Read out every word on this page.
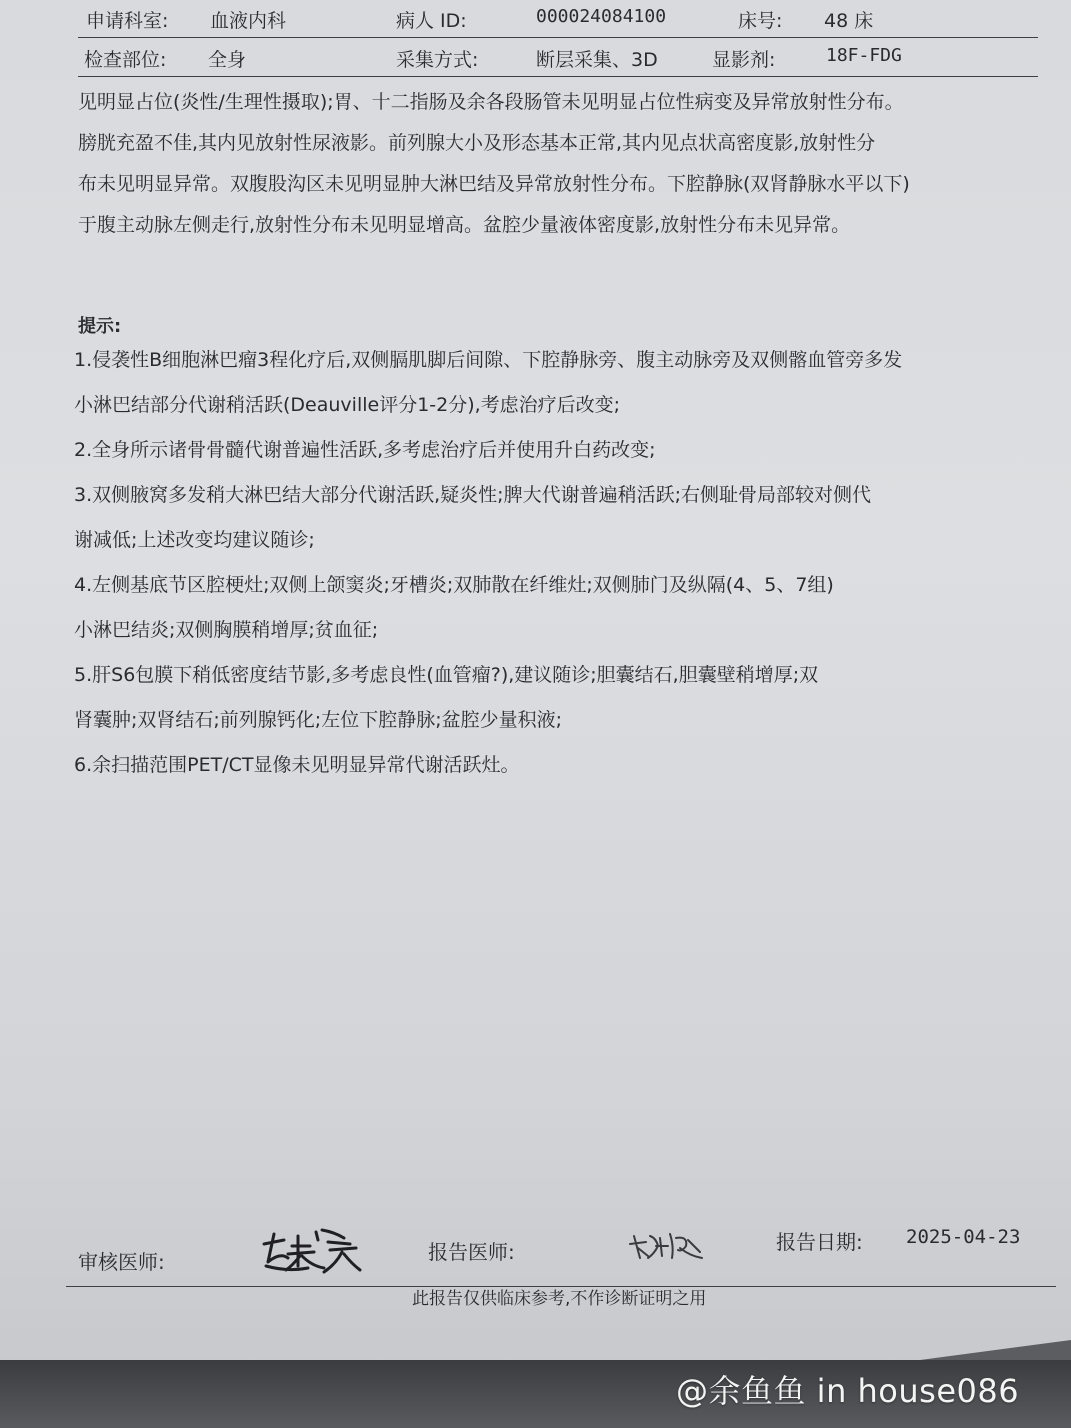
申请科室: 血液内科	病人 ID:	000024084100	床号: 48 床
检查部位: 全身	采集方式:	断层采集、3D	显影剂:	18F-FDG

见明显占位(炎性/生理性摄取);胃、十二指肠及余各段肠管未见明显占位性病变及异常放射性分布。

膀胱充盈不佳,其内见放射性尿液影。前列腺大小及形态基本正常,其内见点状高密度影,放射性分

布未见明显异常。双腹股沟区未见明显肿大淋巴结及异常放射性分布。下腔静脉(双肾静脉水平以下)

于腹主动脉左侧走行,放射性分布未见明显增高。盆腔少量液体密度影,放射性分布未见异常。

提示:

1.侵袭性B细胞淋巴瘤3程化疗后,双侧膈肌脚后间隙、下腔静脉旁、腹主动脉旁及双侧髂血管旁多发

小淋巴结部分代谢稍活跃(Deauville评分1-2分),考虑治疗后改变;

2.全身所示诸骨骨髓代谢普遍性活跃,多考虑治疗后并使用升白药改变;

3.双侧腋窝多发稍大淋巴结大部分代谢活跃,疑炎性;脾大代谢普遍稍活跃;右侧耻骨局部较对侧代

谢减低;上述改变均建议随诊;

4.左侧基底节区腔梗灶;双侧上颌窦炎;牙槽炎;双肺散在纤维灶;双侧肺门及纵隔(4、5、7组)

小淋巴结炎;双侧胸膜稍增厚;贫血征;

5.肝S6包膜下稍低密度结节影,多考虑良性(血管瘤?),建议随诊;胆囊结石,胆囊壁稍增厚;双

肾囊肿;双肾结石;前列腺钙化;左位下腔静脉;盆腔少量积液;

6.余扫描范围PET/CT显像未见明显异常代谢活跃灶。

审核医师:	报告医师:	报告日期: 2025-04-23
此报告仅供临床参考,不作诊断证明之用
@余鱼鱼 in house086
